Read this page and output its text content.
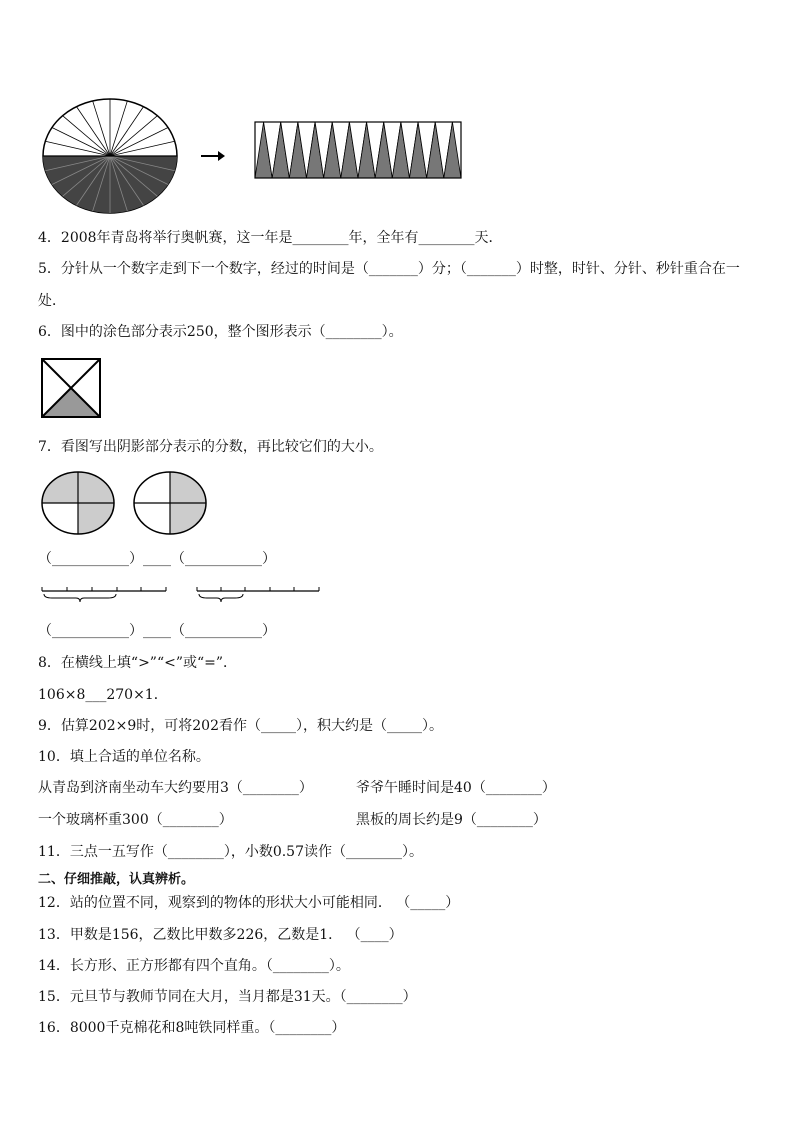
4．2008年青岛将举行奥帆赛，这一年是________年，全年有________天．
5．分针从一个数字走到下一个数字，经过的时间是（_______）分；（_______）时整，时针、分针、秒针重合在一
处．
6．图中的涂色部分表示250，整个图形表示（________）。
7．看图写出阴影部分表示的分数，再比较它们的大小。
（___________）____（___________）
（___________）____（___________）
8．在横线上填“>”“<”或“=”．
106×8___270×1．
9．估算202×9时，可将202看作（_____），积大约是（_____）。
10．填上合适的单位名称。
从青岛到济南坐动车大约要用3（________）	爷爷午睡时间是40（________）
一个玻璃杯重300（________）	黑板的周长约是9（________）
11．三点一五写作（________），小数0.57读作（________）。
二、仔细推敲，认真辨析。
12．站的位置不同，观察到的物体的形状大小可能相同． （_____）
13．甲数是156，乙数比甲数多226，乙数是1． （____）
14．长方形、正方形都有四个直角。（________）。
15．元旦节与教师节同在大月，当月都是31天。（________）
16．8000千克棉花和8吨铁同样重。（________）
